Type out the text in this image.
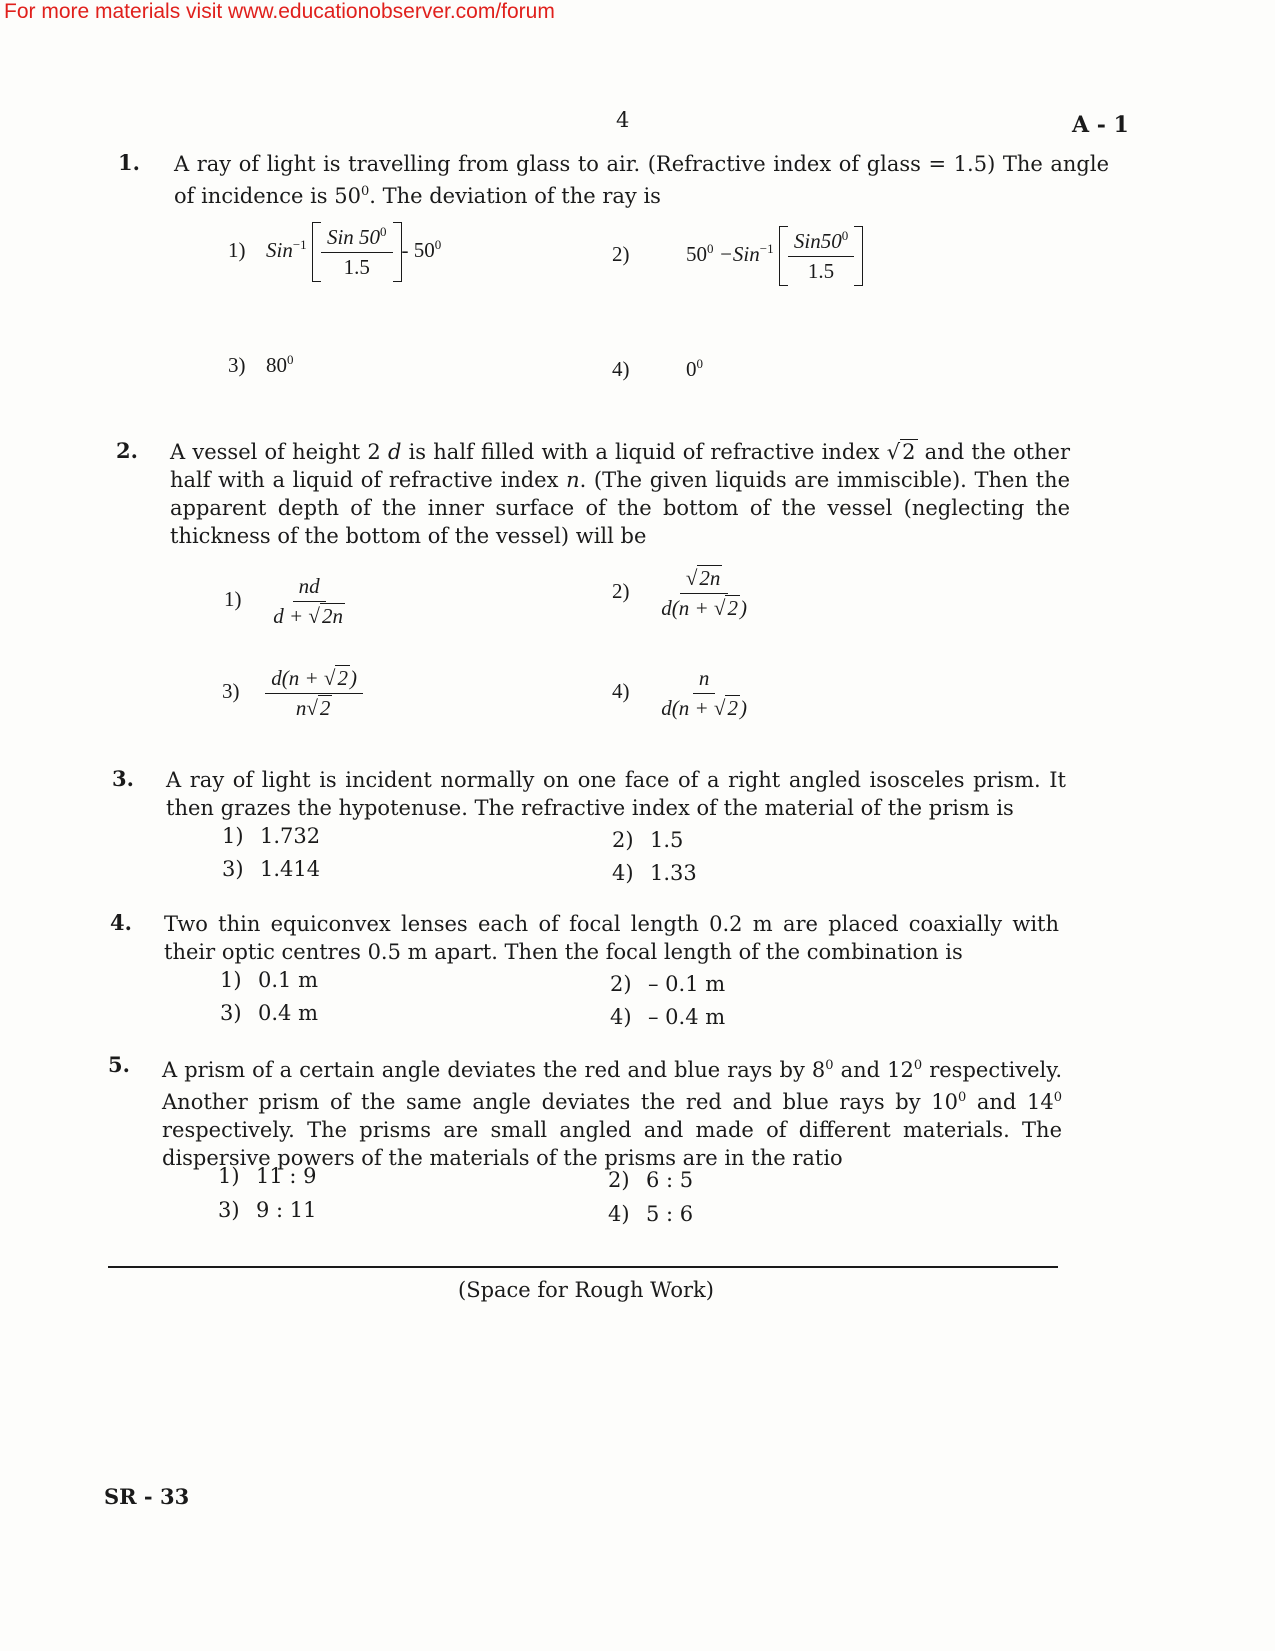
For more materials visit www.educationobserver.com/forum
4	A - 1
1. A ray of light is travelling from glass to air. (Refractive index of glass = 1.5) The angle of incidence is $50^0$. The deviation of the ray is
1) $Sin^{-1} \frac{Sin 50^0}{1.5} - 50^0$	2)	$50^0 -Sin^{-1} \frac{Sin50^0}{1.5}$
3) $80^0$	4)	$0^0$
2. A vessel of height 2 d is half filled with a liquid of refractive index √2 and the other half with a liquid of refractive index n. (The given liquids are immiscible). Then the apparent depth of the inner surface of the bottom of the vessel (neglecting the thickness of the bottom of the vessel) will be
$1) \frac{nd}{d + √2n}$	$2) \frac{√2n}{d(n + √2)}$
$3) \frac{d(n + √2)}{n√2}$	$4) \frac{n}{d(n + √2)}$
3. A ray of light is incident normally on one face of a right angled isosceles prism. It then grazes the hypotenuse. The refractive index of the material of the prism is
1) 1.732	2) 1.5
3) 1.414	4) 1.33
4. Two thin equiconvex lenses each of focal length 0.2 m are placed coaxially with their optic centres 0.5 m apart. Then the focal length of the combination is
1) 0.1 m	2) – 0.1 m
3) 0.4 m	4) – 0.4 m
5. A prism of a certain angle deviates the red and blue rays by $8^0$ and $12^0$ respectively. Another prism of the same angle deviates the red and blue rays by $10^0$ and $14^0$ respectively. The prisms are small angled and made of different materials. The dispersive powers of the materials of the prisms are in the ratio
1) 11 : 9	2) 6 : 5
3) 9 : 11	4) 5 : 6
(Space for Rough Work)
SR - 33
